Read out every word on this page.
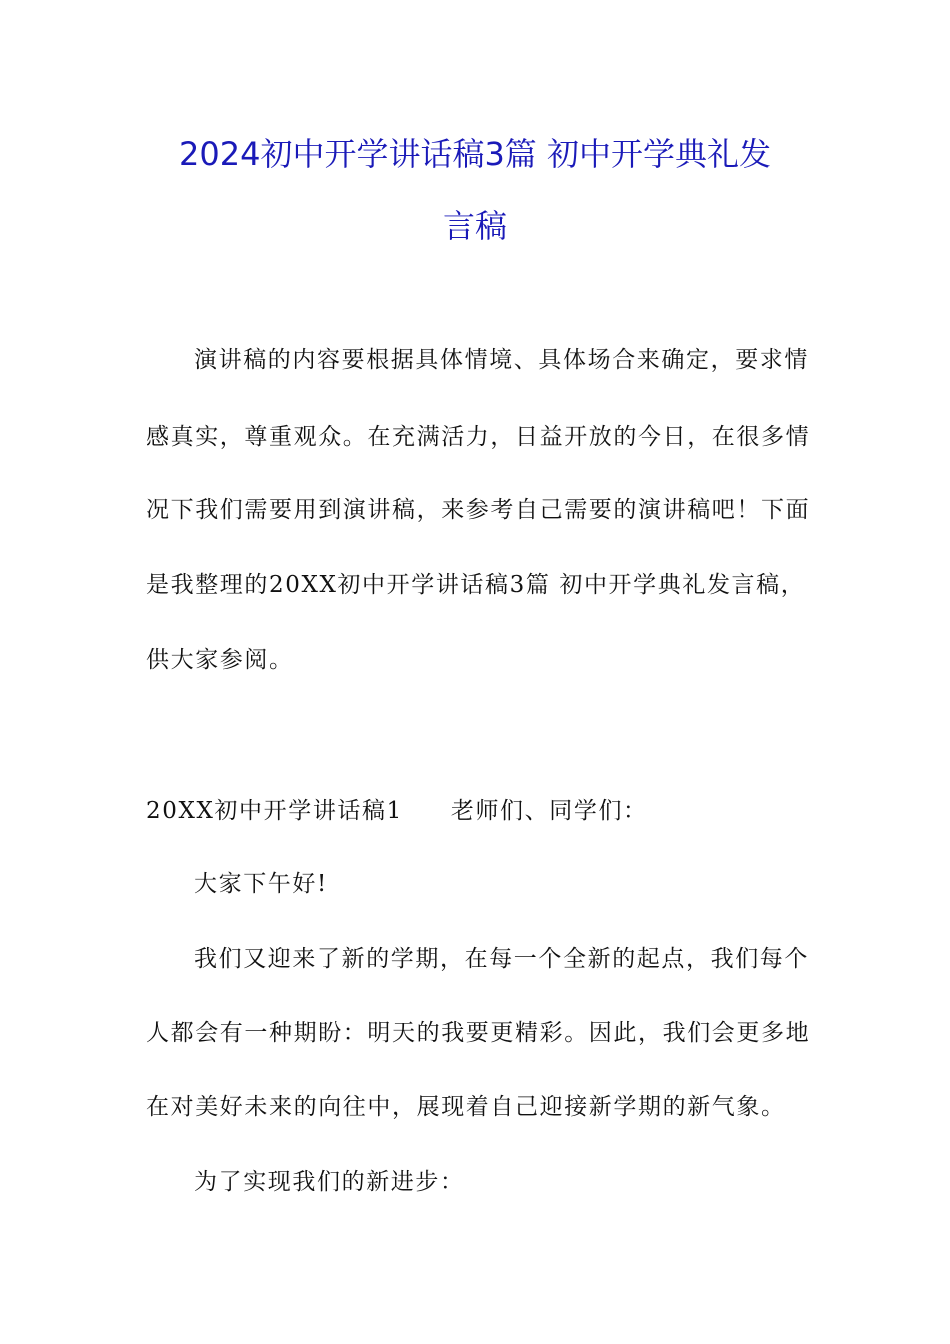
2024初中开学讲话稿3篇 初中开学典礼发
言稿
演讲稿的内容要根据具体情境、具体场合来确定，要求情
感真实，尊重观众。在充满活力，日益开放的今日，在很多情
况下我们需要用到演讲稿，来参考自己需要的演讲稿吧！下面
是我整理的20XX初中开学讲话稿3篇 初中开学典礼发言稿，
供大家参阅。
20XX初中开学讲话稿1 老师们、同学们：
大家下午好!
我们又迎来了新的学期，在每一个全新的起点，我们每个
人都会有一种期盼：明天的我要更精彩。因此，我们会更多地
在对美好未来的向往中，展现着自己迎接新学期的新气象。
为了实现我们的新进步：
